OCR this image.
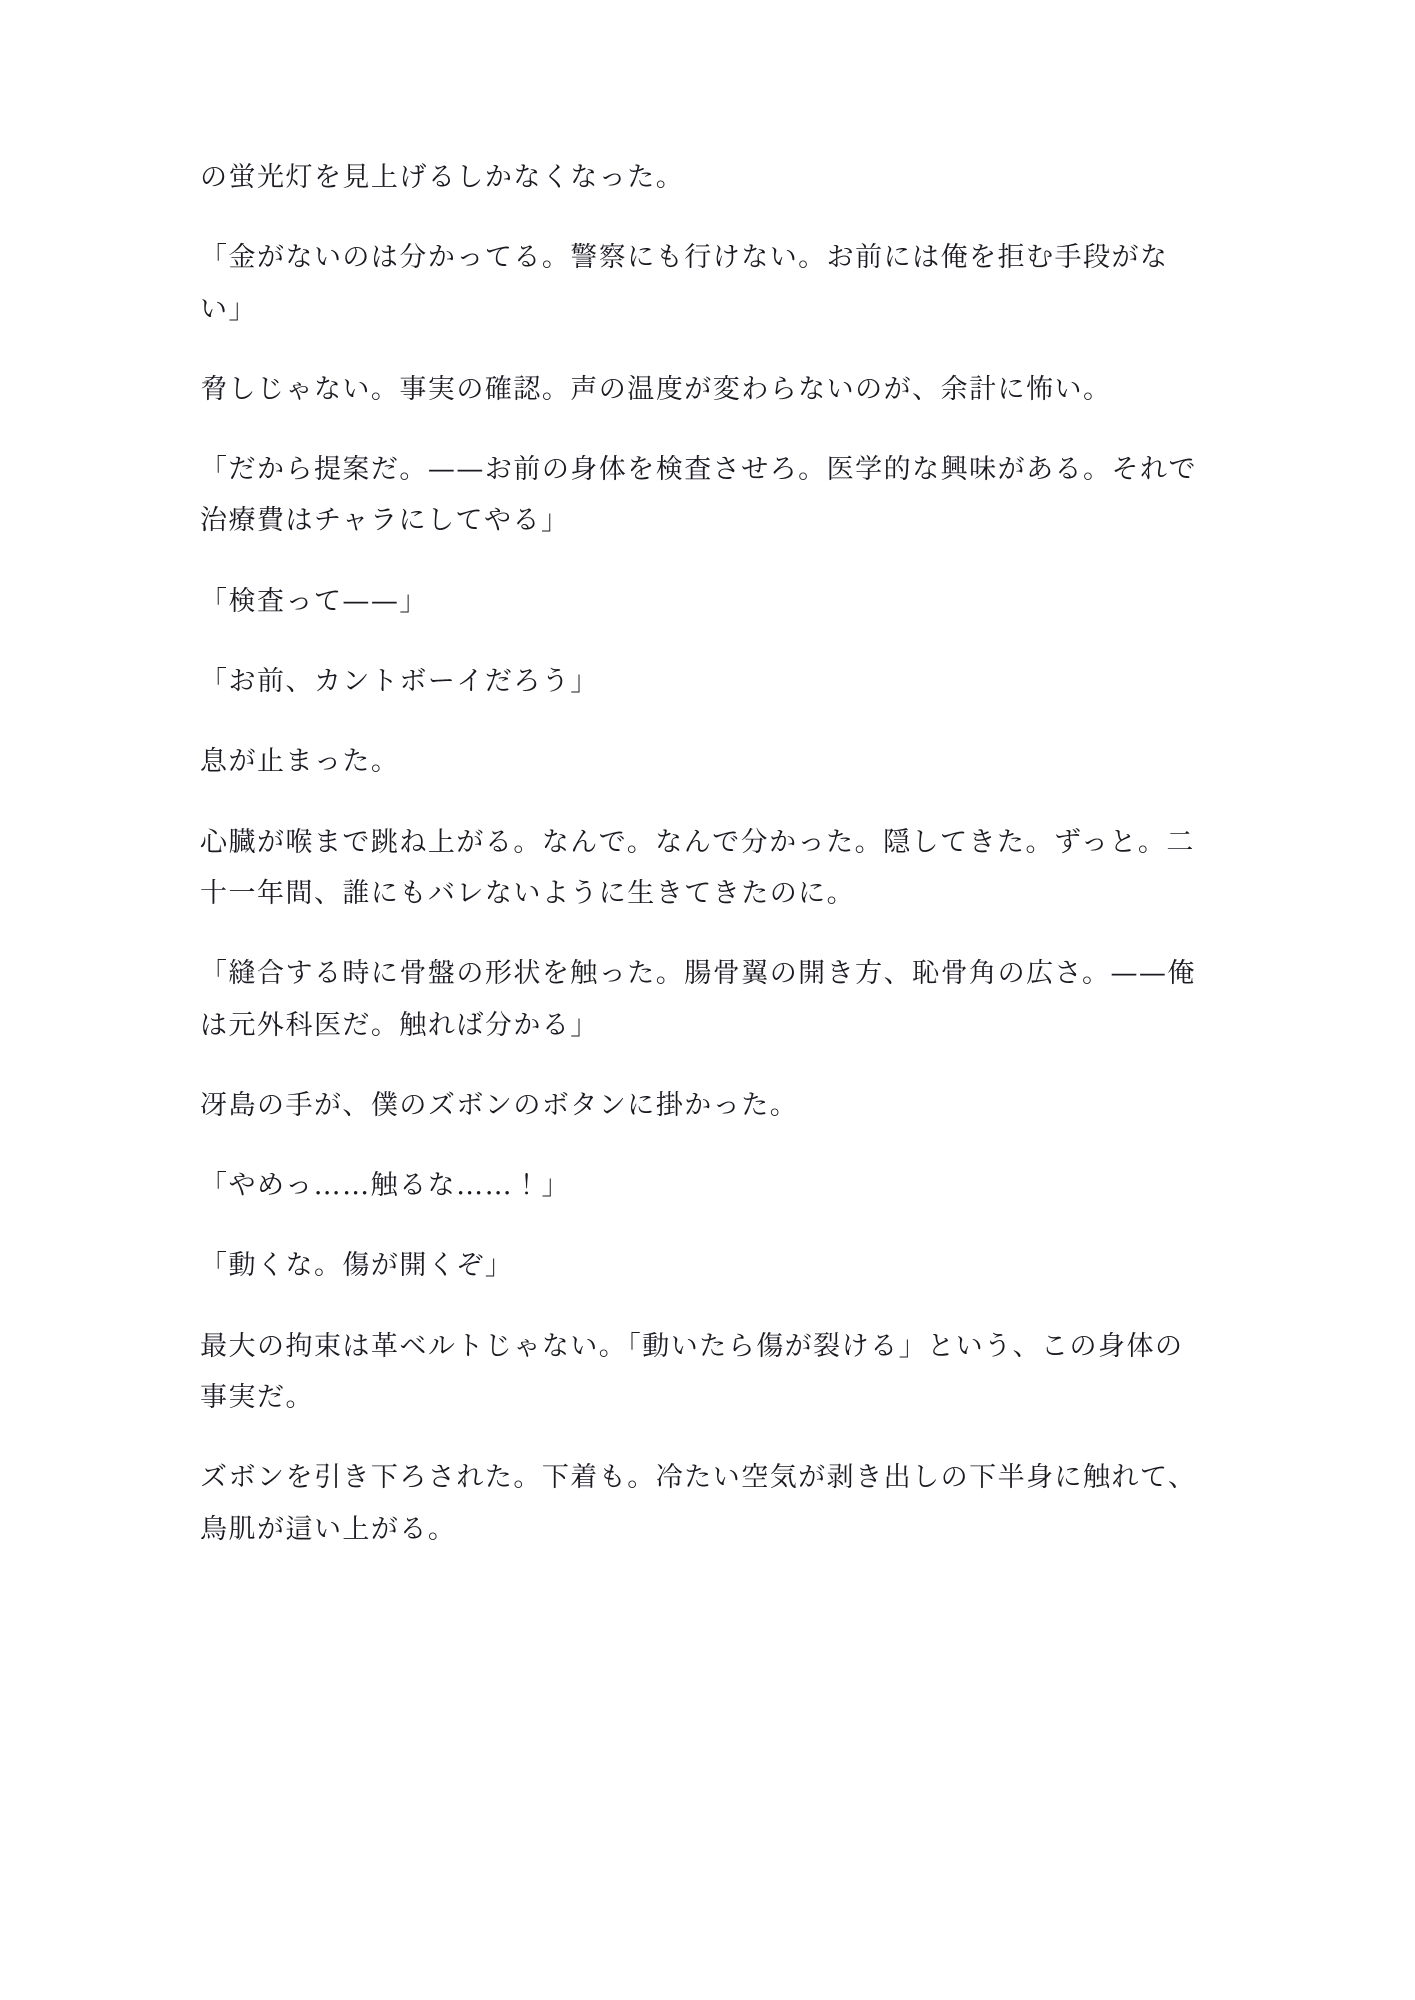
の蛍光灯を見上げるしかなくなった。

「金がないのは分かってる。警察にも行けない。お前には俺を拒む手段がない」

脅しじゃない。事実の確認。声の温度が変わらないのが、余計に怖い。

「だから提案だ。——お前の身体を検査させろ。医学的な興味がある。それで治療費はチャラにしてやる」

「検査って——」

「お前、カントボーイだろう」

息が止まった。

心臓が喉まで跳ね上がる。なんで。なんで分かった。隠してきた。ずっと。二十一年間、誰にもバレないように生きてきたのに。

「縫合する時に骨盤の形状を触った。腸骨翼の開き方、恥骨角の広さ。——俺は元外科医だ。触れば分かる」

冴島の手が、僕のズボンのボタンに掛かった。

「やめっ……触るな……！」

「動くな。傷が開くぞ」

最大の拘束は革ベルトじゃない。「動いたら傷が裂ける」という、この身体の事実だ。

ズボンを引き下ろされた。下着も。冷たい空気が剥き出しの下半身に触れて、鳥肌が這い上がる。
